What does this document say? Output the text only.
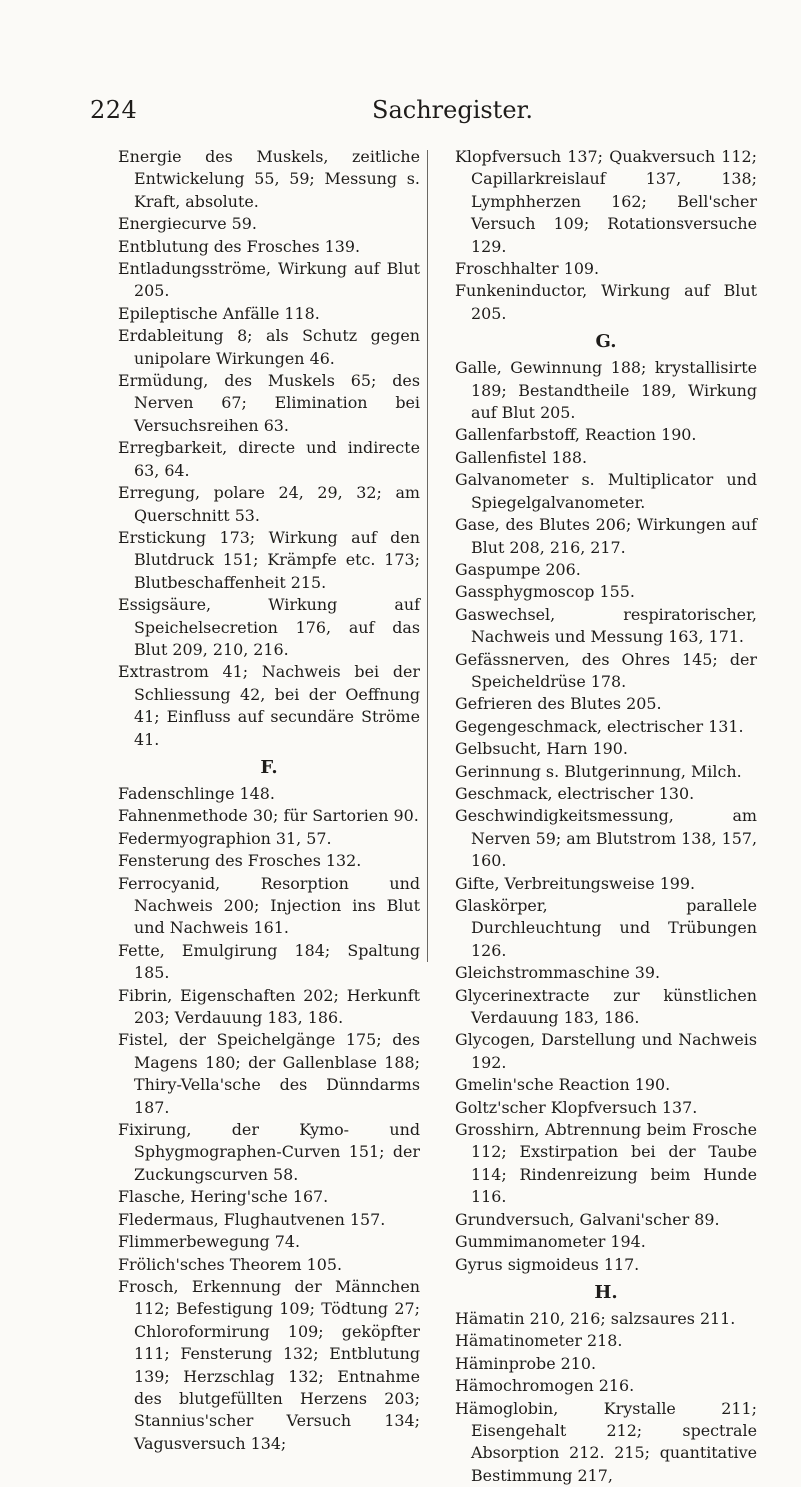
224	Sachregister.

Energie des Muskels, zeitliche Entwickelung 55, 59; Messung s. Kraft, absolute.

Energiecurve 59.

Entblutung des Frosches 139.

Entladungsströme, Wirkung auf Blut 205.

Epileptische Anfälle 118.

Erdableitung 8; als Schutz gegen unipolare Wirkungen 46.

Ermüdung, des Muskels 65; des Nerven 67; Elimination bei Versuchsreihen 63.

Erregbarkeit, directe und indirecte 63, 64.

Erregung, polare 24, 29, 32; am Querschnitt 53.

Erstickung 173; Wirkung auf den Blutdruck 151; Krämpfe etc. 173; Blutbeschaffenheit 215.

Essigsäure, Wirkung auf Speichelsecretion 176, auf das Blut 209, 210, 216.

Extrastrom 41; Nachweis bei der Schliessung 42, bei der Oeffnung 41; Einfluss auf secundäre Ströme 41.

F.

Fadenschlinge 148.

Fahnenmethode 30; für Sartorien 90.

Federmyographion 31, 57.

Fensterung des Frosches 132.

Ferrocyanid, Resorption und Nachweis 200; Injection ins Blut und Nachweis 161.

Fette, Emulgirung 184; Spaltung 185.

Fibrin, Eigenschaften 202; Herkunft 203; Verdauung 183, 186.

Fistel, der Speichelgänge 175; des Magens 180; der Gallenblase 188; Thiry-Vella'sche des Dünndarms 187.

Fixirung, der Kymo- und Sphygmographen-Curven 151; der Zuckungscurven 58.

Flasche, Hering'sche 167.

Fledermaus, Flughautvenen 157.

Flimmerbewegung 74.

Frölich'sches Theorem 105.

Frosch, Erkennung der Männchen 112; Befestigung 109; Tödtung 27; Chloroformirung 109; geköpfter 111; Fensterung 132; Entblutung 139; Herzschlag 132; Entnahme des blutgefüllten Herzens 203; Stannius'scher Versuch 134; Vagusversuch 134;

Klopfversuch 137; Quakversuch 112; Capillarkreislauf 137, 138; Lymphherzen 162; Bell'scher Versuch 109; Rotationsversuche 129.

Froschhalter 109.

Funkeninductor, Wirkung auf Blut 205.

G.

Galle, Gewinnung 188; krystallisirte 189; Bestandtheile 189, Wirkung auf Blut 205.

Gallenfarbstoff, Reaction 190.

Gallenfistel 188.

Galvanometer s. Multiplicator und Spiegelgalvanometer.

Gase, des Blutes 206; Wirkungen auf Blut 208, 216, 217.

Gaspumpe 206.

Gassphygmoscop 155.

Gaswechsel, respiratorischer, Nachweis und Messung 163, 171.

Gefässnerven, des Ohres 145; der Speicheldrüse 178.

Gefrieren des Blutes 205.

Gegengeschmack, electrischer 131.

Gelbsucht, Harn 190.

Gerinnung s. Blutgerinnung, Milch.

Geschmack, electrischer 130.

Geschwindigkeitsmessung, am Nerven 59; am Blutstrom 138, 157, 160.

Gifte, Verbreitungsweise 199.

Glaskörper, parallele Durchleuchtung und Trübungen 126.

Gleichstrommaschine 39.

Glycerinextracte zur künstlichen Verdauung 183, 186.

Glycogen, Darstellung und Nachweis 192.

Gmelin'sche Reaction 190.

Goltz'scher Klopfversuch 137.

Grosshirn, Abtrennung beim Frosche 112; Exstirpation bei der Taube 114; Rindenreizung beim Hunde 116.

Grundversuch, Galvani'scher 89.

Gummimanometer 194.

Gyrus sigmoideus 117.

H.

Hämatin 210, 216; salzsaures 211.

Hämatinometer 218.

Häminprobe 210.

Hämochromogen 216.

Hämoglobin, Krystalle 211; Eisengehalt 212; spectrale Absorption 212. 215; quantitative Bestimmung 217,
